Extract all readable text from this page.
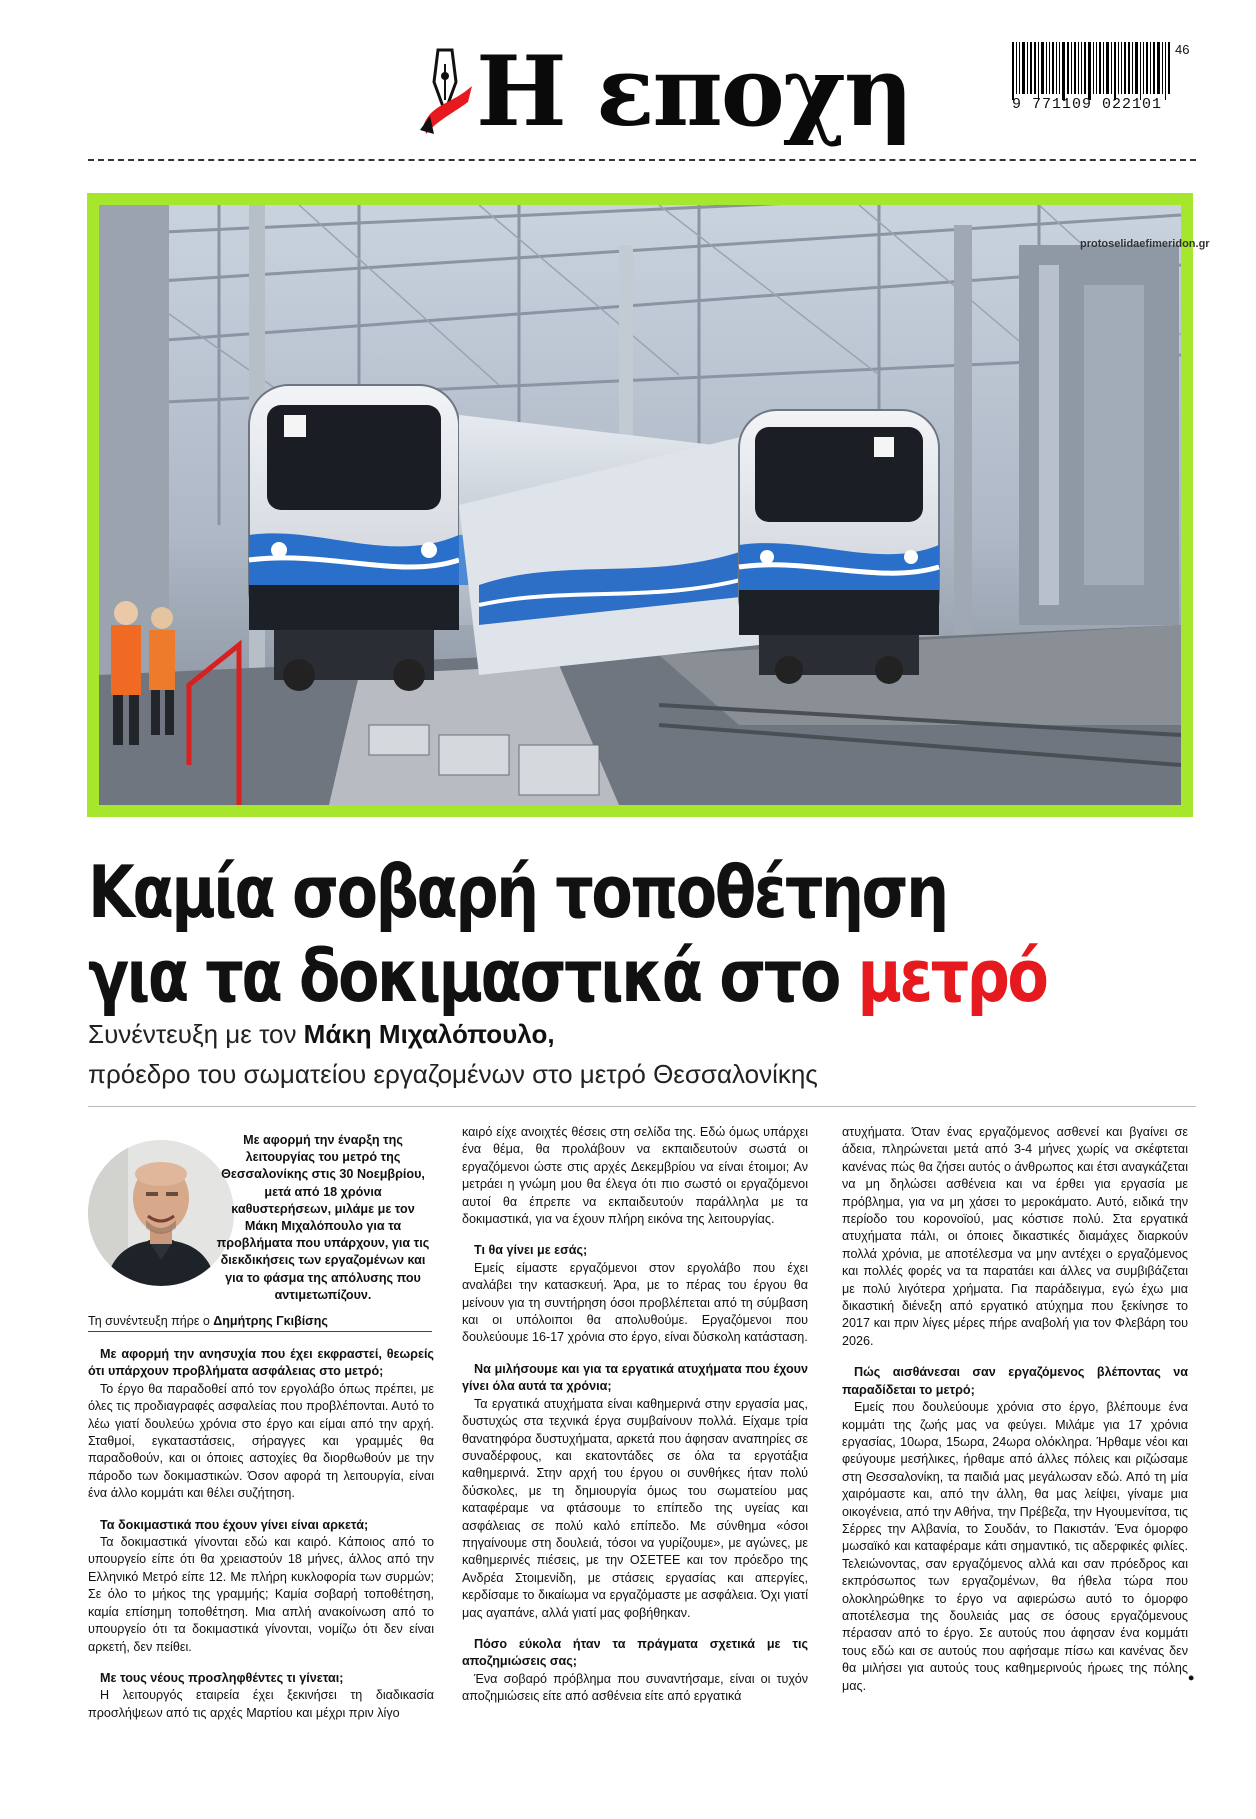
Η εποχη	9 771109 022101
46
protoselidaefimeridon.gr
Καμία σοβαρή τοποθέτηση
για τα δοκιμαστικά στο μετρό
Συνέντευξη με τον Μάκη Μιχαλόπουλο,
πρόεδρο του σωματείου εργαζομένων στο μετρό Θεσσαλονίκης
Με αφορμή την έναρξη της λειτουργίας του μετρό της Θεσσαλονίκης στις 30 Νοεμβρίου, μετά από 18 χρόνια καθυστερήσεων, μιλάμε με τον Μάκη Μιχαλόπουλο για τα προβλήματα που υπάρχουν, για τις διεκδικήσεις των εργαζομένων και για το φάσμα της απόλυσης που αντιμετωπίζουν.
Τη συνέντευξη πήρε ο Δημήτρης Γκιβίσης

Με αφορμή την ανησυχία που έχει εκφραστεί, θεωρείς ότι υπάρχουν προβλήματα ασφάλειας στο μετρό;

Το έργο θα παραδοθεί από τον εργολάβο όπως πρέπει, με όλες τις προδιαγραφές ασφαλείας που προβλέπονται. Αυτό το λέω γιατί δουλεύω χρόνια στο έργο και είμαι από την αρχή. Σταθμοί, εγκαταστάσεις, σήραγγες και γραμμές θα παραδοθούν, και οι όποιες αστοχίες θα διορθωθούν με την πάροδο των δοκιμαστικών. Όσον αφορά τη λειτουργία, είναι ένα άλλο κομμάτι και θέλει συζήτηση.

Τα δοκιμαστικά που έχουν γίνει είναι αρκετά;

Τα δοκιμαστικά γίνονται εδώ και καιρό. Κάποιος από το υπουργείο είπε ότι θα χρειαστούν 18 μήνες, άλλος από την Ελληνικό Μετρό είπε 12. Με πλήρη κυκλοφορία των συρμών; Σε όλο το μήκος της γραμμής; Καμία σοβαρή τοποθέτηση, καμία επίσημη τοποθέτηση. Μια απλή ανακοίνωση από το υπουργείο ότι τα δοκιμαστικά γίνονται, νομίζω ότι δεν είναι αρκετή, δεν πείθει.

Με τους νέους προσληφθέντες τι γίνεται;

Η λειτουργός εταιρεία έχει ξεκινήσει τη διαδικασία προσλήψεων από τις αρχές Μαρτίου και μέχρι πριν λίγο

καιρό είχε ανοιχτές θέσεις στη σελίδα της. Εδώ όμως υπάρχει ένα θέμα, θα προλάβουν να εκπαιδευτούν σωστά οι εργαζόμενοι ώστε στις αρχές Δεκεμβρίου να είναι έτοιμοι; Αν μετράει η γνώμη μου θα έλεγα ότι πιο σωστό οι εργαζόμενοι αυτοί θα έπρεπε να εκπαιδευτούν παράλληλα με τα δοκιμαστικά, για να έχουν πλήρη εικόνα της λειτουργίας.

Τι θα γίνει με εσάς;

Εμείς είμαστε εργαζόμενοι στον εργολάβο που έχει αναλάβει την κατασκευή. Άρα, με το πέρας του έργου θα μείνουν για τη συντήρηση όσοι προβλέπεται από τη σύμβαση και οι υπόλοιποι θα απολυθούμε. Εργαζόμενοι που δουλεύουμε 16-17 χρόνια στο έργο, είναι δύσκολη κατάσταση.

Να μιλήσουμε και για τα εργατικά ατυχήματα που έχουν γίνει όλα αυτά τα χρόνια;

Τα εργατικά ατυχήματα είναι καθημερινά στην εργασία μας, δυστυχώς στα τεχνικά έργα συμβαίνουν πολλά. Είχαμε τρία θανατηφόρα δυστυχήματα, αρκετά που άφησαν αναπηρίες σε συναδέρφους, και εκατοντάδες σε όλα τα εργοτάξια καθημερινά. Στην αρχή του έργου οι συνθήκες ήταν πολύ δύσκολες, με τη δημιουργία όμως του σωματείου μας καταφέραμε να φτάσουμε το επίπεδο της υγείας και ασφάλειας σε πολύ καλό επίπεδο. Με σύνθημα «όσοι πηγαίνουμε στη δουλειά, τόσοι να γυρίζουμε», με αγώνες, με καθημερινές πιέσεις, με την ΟΣΕΤΕΕ και τον πρόεδρο της Ανδρέα Στοιμενίδη, με στάσεις εργασίας και απεργίες, κερδίσαμε το δικαίωμα να εργαζόμαστε με ασφάλεια. Όχι γιατί μας αγαπάνε, αλλά γιατί μας φοβήθηκαν.

Πόσο εύκολα ήταν τα πράγματα σχετικά με τις αποζημιώσεις σας;

Ένα σοβαρό πρόβλημα που συναντήσαμε, είναι οι τυχόν αποζημιώσεις είτε από ασθένεια είτε από εργατικά

ατυχήματα. Όταν ένας εργαζόμενος ασθενεί και βγαίνει σε άδεια, πληρώνεται μετά από 3-4 μήνες χωρίς να σκέφτεται κανένας πώς θα ζήσει αυτός ο άνθρωπος και έτσι αναγκάζεται να μη δηλώσει ασθένεια και να έρθει για εργασία με πρόβλημα, για να μη χάσει το μεροκάματο. Αυτό, ειδικά την περίοδο του κορονοϊού, μας κόστισε πολύ. Στα εργατικά ατυχήματα πάλι, οι όποιες δικαστικές διαμάχες διαρκούν πολλά χρόνια, με αποτέλεσμα να μην αντέχει ο εργαζόμενος και πολλές φορές να τα παρατάει και άλλες να συμβιβάζεται με πολύ λιγότερα χρήματα. Για παράδειγμα, εγώ έχω μια δικαστική διένεξη από εργατικό ατύχημα που ξεκίνησε το 2017 και πριν λίγες μέρες πήρε αναβολή για τον Φλεβάρη του 2026.

Πώς αισθάνεσαι σαν εργαζόμενος βλέποντας να παραδίδεται το μετρό;

Εμείς που δουλεύουμε χρόνια στο έργο, βλέπουμε ένα κομμάτι της ζωής μας να φεύγει. Μιλάμε για 17 χρόνια εργασίας, 10ωρα, 15ωρα, 24ωρα ολόκληρα. Ήρθαμε νέοι και φεύγουμε μεσήλικες, ήρθαμε από άλλες πόλεις και ριζώσαμε στη Θεσσαλονίκη, τα παιδιά μας μεγάλωσαν εδώ. Από τη μία χαιρόμαστε και, από την άλλη, θα μας λείψει, γίναμε μια οικογένεια, από την Αθήνα, την Πρέβεζα, την Ηγουμενίτσα, τις Σέρρες την Αλβανία, το Σουδάν, το Πακιστάν. Ένα όμορφο μωσαϊκό και καταφέραμε κάτι σημαντικό, τις αδερφικές φιλίες. Τελειώνοντας, σαν εργαζόμενος αλλά και σαν πρόεδρος και εκπρόσωπος των εργαζομένων, θα ήθελα τώρα που ολοκληρώθηκε το έργο να αφιερώσω αυτό το όμορφο αποτέλεσμα της δουλειάς μας σε όσους εργαζόμενους πέρασαν από το έργο. Σε αυτούς που άφησαν ένα κομμάτι τους εδώ και σε αυτούς που αφήσαμε πίσω και κανένας δεν θα μιλήσει για αυτούς τους καθημερινούς ήρωες της πόλης μας.	•
